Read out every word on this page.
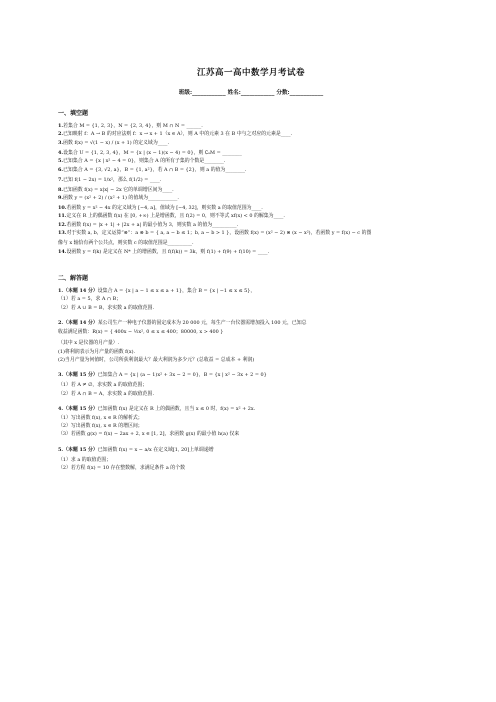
江苏高一高中数学月考试卷
班级:____________ 姓名:____________ 分数:____________
一、填空题
1.若集合 M = {1, 2, 3}，N = {2, 3, 4}，则 M ∩ N = ______.
2.已知映射 f：A → B 的对应法则 f：x → x + 1（x ∈ A），则 A 中的元素 3 在 B 中与之对应的元素是____.
3.函数 f(x) = √(1 − x) / (x + 1) 的定义域为____.
4.设集合 U = {1, 2, 3, 4}，M = {x | (x − 1)(x − 4) = 0}，则 ∁ᵤM = ________
5.已知集合 A = {x | x² − 4 = 0}，则集合 A 的所有子集的个数是________.
6.已知集合 A = {3, √2, a}，B = {1, a²}，若 A ∩ B = {2}，则 a 的值为________.
7.已知 f(1 − 2x) = 1/x²，那么 f(1/2) = ____.
8.已知函数 f(x) = x|x| − 2x 它的单调增区间为____.
9.函数 y = (x² + 2) / (x² + 1) 的值域为____________.
10.若函数 y = x² − 4x 的定义域为 [−4, a]，值域为 [−4, 32]，则实数 a 的取值范围为____.
11.定义在 R 上的偶函数 f(x) 在 [0, +∞) 上是增函数，且 f(2) = 0，则不等式 xf(x) < 0 的解集为____.
12.若函数 f(x) = |x + 1| + |2x + a| 的最小值为 3，则实数 a 的值为__________.
13.对于实数 a, b，定义运算“⊗”：a ⊗ b = { a, a − b ≤ 1；b, a − b > 1 }，设函数 f(x) = (x² − 2) ⊗ (x − x²)，若函数 y = f(x) − c 的图
像与 x 轴恰有两个公共点，则实数 c 的取值范围是__________.
14.设函数 y = f(k) 是定义在 N* 上的增函数，且 f(f(k)) = 3k，则 f(1) + f(9) + f(10) = ____.
二、解答题
1.（本题 14 分）设集合 A = {x | a − 1 ≤ x ≤ a + 1}，集合 B = {x | −1 ≤ x ≤ 5}，
（1）若 a = 5，求 A ∩ B；
（2）若 A ∪ B = B，求实数 a 的取值范围.
2.（本题 14 分）某公司生产一种电子仪器的固定成本为 20 000 元，每生产一台仪器需增加投入 100 元，已知总
收益满足函数：R(x) = { 400x − ½x², 0 ≤ x ≤ 400；80000, x > 400 }
（其中 x 是仪器的月产量）.
(1)将利润表示为月产量的函数 f(x).
(2)当月产量为何值时，公司所获利润最大？最大利润为多少元？(总收益 = 总成本 + 利润)
3.（本题 15 分）已知集合 A = {x | (a − 1)x² + 3x − 2 = 0}，B = {x | x² − 3x + 2 = 0}
（1）若 A ≠ ∅，求实数 a 的取值范围；
（2）若 A ∩ B = A，求实数 a 的取值范围.
4.（本题 15 分）已知函数 f(x) 是定义在 R 上的偶函数，且当 x ≤ 0 时，f(x) = x² + 2x.
（1）写出函数 f(x), x ∈ R 的解析式；
（2）写出函数 f(x), x ∈ R 的增区间；
（3）若函数 g(x) = f(x) − 2ax + 2, x ∈ [1, 2]，求函数 g(x) 的最小值 h(a) 仅来
5.（本题 15 分）已知函数 f(x) = x − a/x 在定义域[1, 20]上单调递增
（1）求 a 的取值范围；
（2）若方程 f(x) = 10 存在整数解，求满足条件 a 的个数
